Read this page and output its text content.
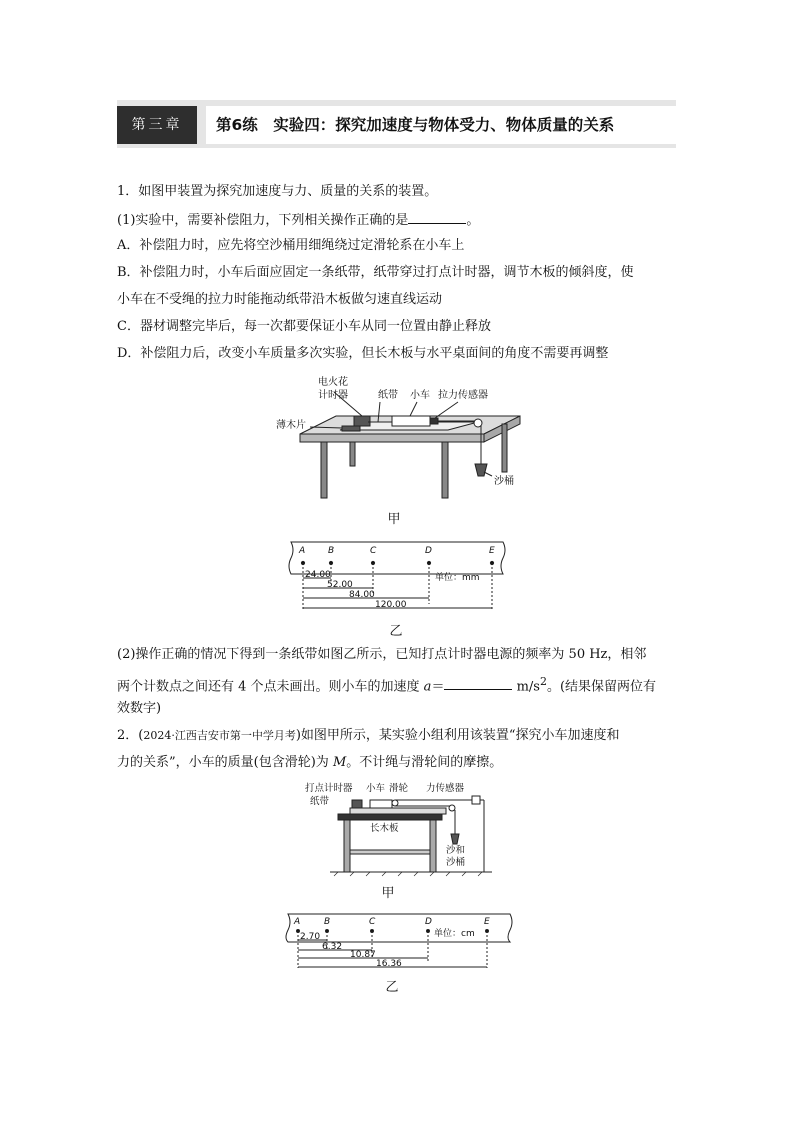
第三章	第6练　实验四：探究加速度与物体受力、物体质量的关系
1．如图甲装置为探究加速度与力、质量的关系的装置。
(1)实验中，需要补偿阻力，下列相关操作正确的是	。
A．补偿阻力时，应先将空沙桶用细绳绕过定滑轮系在小车上
B．补偿阻力时，小车后面应固定一条纸带，纸带穿过打点计时器，调节木板的倾斜度，使
小车在不受绳的拉力时能拖动纸带沿木板做匀速直线运动
C．器材调整完毕后，每一次都要保证小车从同一位置由静止释放
D．补偿阻力后，改变小车质量多次实验，但长木板与水平桌面间的角度不需要再调整
电火花
计时器	纸带 小车 拉力传感器
薄木片
沙桶
甲
A	B	C	D	E
单位：mm
24.00
52.00
84.00
120.00
乙
(2)操作正确的情况下得到一条纸带如图乙所示，已知打点计时器电源的频率为 50 Hz，相邻
两个计数点之间还有 4 个点未画出。则小车的加速度 a＝	$m/s^2$。(结果保留两位有
效数字)
2．(2024·江西吉安市第一中学月考)如图甲所示，某实验小组利用该装置“探究小车加速度和
力的关系”，小车的质量(包含滑轮)为 M。不计绳与滑轮间的摩擦。
打点计时器 小车 滑轮 力传感器
纸带
长木板
沙和
沙桶
甲
A	B	C	D	E
单位：cm
2.70
6.32
10.87
16.36
乙
